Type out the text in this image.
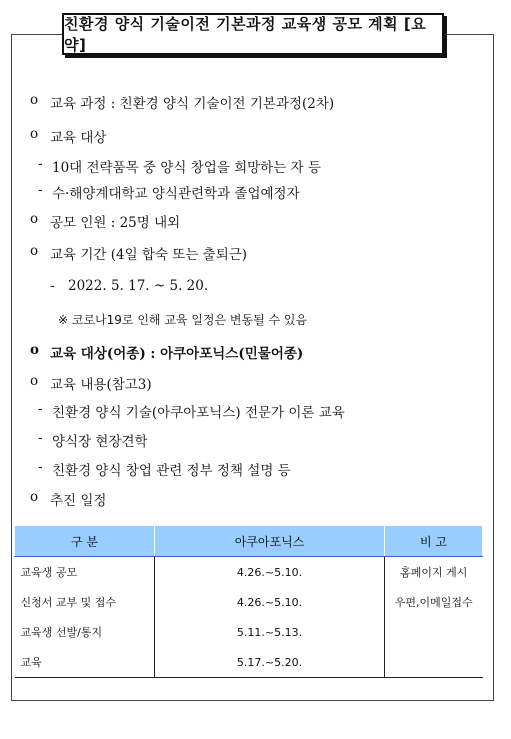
친환경 양식 기술이전 기본과정 교육생 공모 계획 [요약]
o 교육 과정 : 친환경 양식 기술이전 기본과정(2차)
o 교육 대상
- 10대 전략품목 중 양식 창업을 희망하는 자 등
- 수·해양계대학교 양식관련학과 졸업예정자
o 공모 인원 : 25명 내외
o 교육 기간 (4일 합숙 또는 출퇴근)
- 2022. 5. 17. ~ 5. 20.
※ 코로나19로 인해 교육 일정은 변동될 수 있음
o 교육 대상(어종) : 아쿠아포닉스(민물어종)
o 교육 내용(참고3)
- 친환경 양식 기술(아쿠아포닉스) 전문가 이론 교육
- 양식장 현장견학
- 친환경 양식 창업 관련 정부 정책 설명 등
o 추진 일정
구 분	아쿠아포닉스	비 고
교육생 공모	4.26.~5.10.	홈페이지 게시
신청서 교부 및 접수	4.26.~5.10.	우편,이메일접수
교육생 선발/통지	5.11.~5.13.	
교육	5.17.~5.20.	
